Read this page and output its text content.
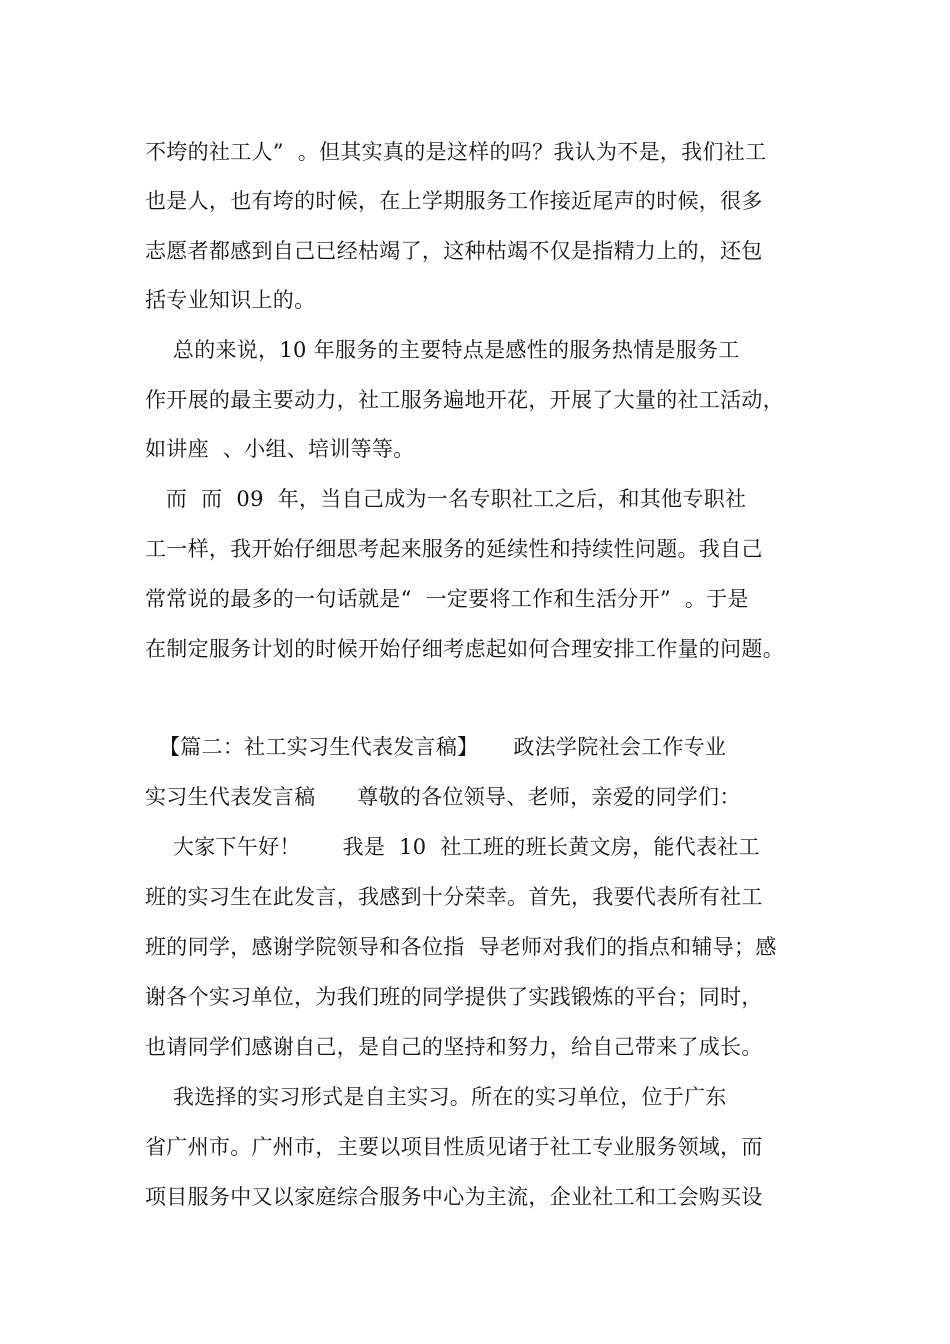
不垮的社工人”  。但其实真的是这样的吗？我认为不是，我们社工
也是人，也有垮的时候，在上学期服务工作接近尾声的时候，很多
志愿者都感到自己已经枯竭了，这种枯竭不仅是指精力上的，还包
括专业知识上的。
总的来说，10 年服务的主要特点是感性的服务热情是服务工
作开展的最主要动力，社工服务遍地开花，开展了大量的社工活动，
如讲座  、小组、培训等等。
而  而  09  年，当自己成为一名专职社工之后，和其他专职社
工一样，我开始仔细思考起来服务的延续性和持续性问题。我自己
常常说的最多的一句话就是“  一定要将工作和生活分开”  。于是
在制定服务计划的时候开始仔细考虑起如何合理安排工作量的问题。
【篇二：社工实习生代表发言稿】     政法学院社会工作专业
实习生代表发言稿      尊敬的各位领导、老师，亲爱的同学们：
大家下午好！      我是  10  社工班的班长黄文房，能代表社工
班的实习生在此发言，我感到十分荣幸。首先，我要代表所有社工
班的同学，感谢学院领导和各位指  导老师对我们的指点和辅导；感
谢各个实习单位，为我们班的同学提供了实践锻炼的平台；同时，
也请同学们感谢自己，是自己的坚持和努力，给自己带来了成长。
我选择的实习形式是自主实习。所在的实习单位，位于广东
省广州市。广州市，主要以项目性质见诸于社工专业服务领域，而
项目服务中又以家庭综合服务中心为主流，企业社工和工会购买设
